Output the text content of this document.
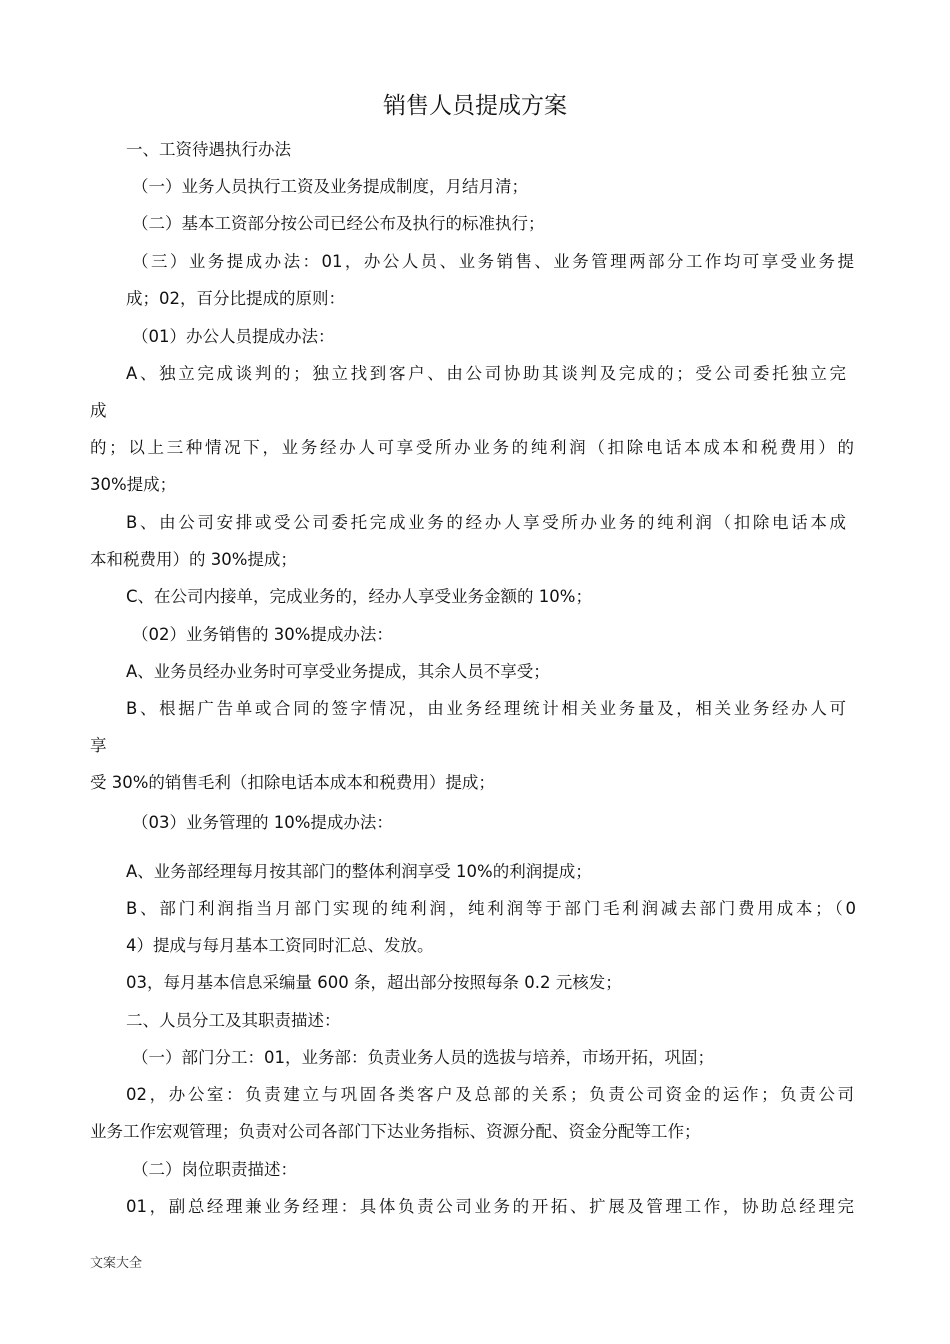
销售人员提成方案
一、工资待遇执行办法
（一）业务人员执行工资及业务提成制度，月结月清；
（二）基本工资部分按公司已经公布及执行的标准执行；
（三）业务提成办法：01，办公人员、业务销售、业务管理两部分工作均可享受业务提
成；02，百分比提成的原则：
（01）办公人员提成办法：
A、独立完成谈判的；独立找到客户、由公司协助其谈判及完成的；受公司委托独立完
成
的；以上三种情况下，业务经办人可享受所办业务的纯利润（扣除电话本成本和税费用）的
30%提成；
B、由公司安排或受公司委托完成业务的经办人享受所办业务的纯利润（扣除电话本成
本和税费用）的 30%提成；
C、在公司内接单，完成业务的，经办人享受业务金额的 10%；
（02）业务销售的 30%提成办法：
A、业务员经办业务时可享受业务提成，其余人员不享受；
B、根据广告单或合同的签字情况，由业务经理统计相关业务量及，相关业务经办人可
享
受 30%的销售毛利（扣除电话本成本和税费用）提成；
（03）业务管理的 10%提成办法：
A、业务部经理每月按其部门的整体利润享受 10%的利润提成；
B、部门利润指当月部门实现的纯利润，纯利润等于部门毛利润减去部门费用成本；（0
4）提成与每月基本工资同时汇总、发放。
03，每月基本信息采编量 600 条，超出部分按照每条 0.2 元核发；
二、人员分工及其职责描述：
（一）部门分工：01，业务部：负责业务人员的选拔与培养，市场开拓，巩固；
02，办公室：负责建立与巩固各类客户及总部的关系；负责公司资金的运作；负责公司
业务工作宏观管理；负责对公司各部门下达业务指标、资源分配、资金分配等工作；
（二）岗位职责描述：
01，副总经理兼业务经理：具体负责公司业务的开拓、扩展及管理工作，协助总经理完
文案大全
